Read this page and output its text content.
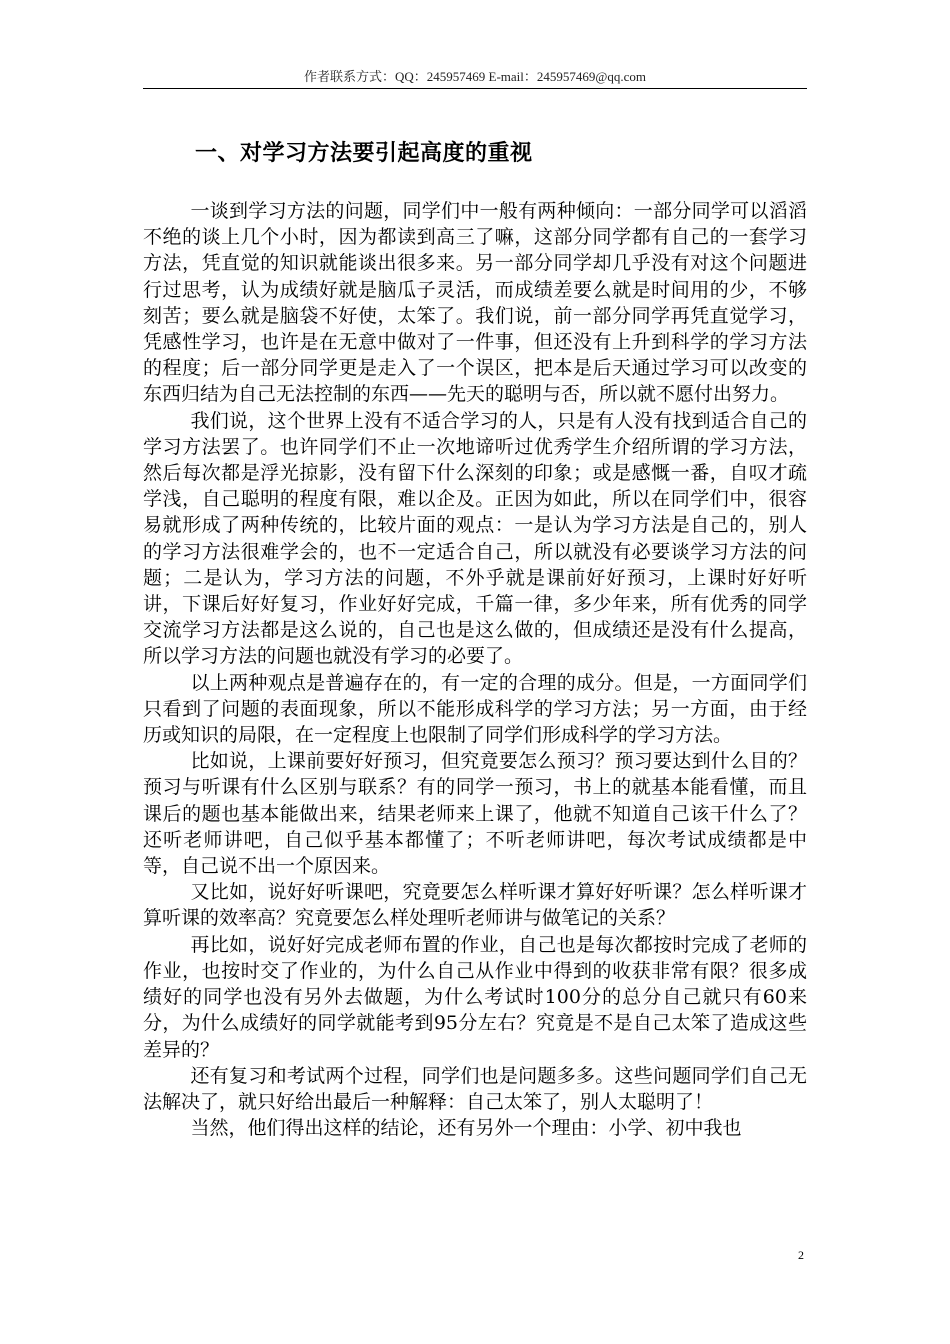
作者联系方式：QQ：245957469 E-mail：245957469@qq.com
一、对学习方法要引起高度的重视

一谈到学习方法的问题，同学们中一般有两种倾向：一部分同学可以滔滔不绝的谈上几个小时，因为都读到高三了嘛，这部分同学都有自己的一套学习方法，凭直觉的知识就能谈出很多来。另一部分同学却几乎没有对这个问题进行过思考，认为成绩好就是脑瓜子灵活，而成绩差要么就是时间用的少，不够刻苦；要么就是脑袋不好使，太笨了。我们说，前一部分同学再凭直觉学习，凭感性学习，也许是在无意中做对了一件事，但还没有上升到科学的学习方法的程度；后一部分同学更是走入了一个误区，把本是后天通过学习可以改变的东西归结为自己无法控制的东西——先天的聪明与否，所以就不愿付出努力。

我们说，这个世界上没有不适合学习的人，只是有人没有找到适合自己的学习方法罢了。也许同学们不止一次地谛听过优秀学生介绍所谓的学习方法，然后每次都是浮光掠影，没有留下什么深刻的印象；或是感慨一番，自叹才疏学浅，自己聪明的程度有限，难以企及。正因为如此，所以在同学们中，很容易就形成了两种传统的，比较片面的观点：一是认为学习方法是自己的，别人的学习方法很难学会的，也不一定适合自己，所以就没有必要谈学习方法的问题；二是认为，学习方法的问题，不外乎就是课前好好预习，上课时好好听讲，下课后好好复习，作业好好完成，千篇一律，多少年来，所有优秀的同学交流学习方法都是这么说的，自己也是这么做的，但成绩还是没有什么提高，所以学习方法的问题也就没有学习的必要了。

以上两种观点是普遍存在的，有一定的合理的成分。但是，一方面同学们只看到了问题的表面现象，所以不能形成科学的学习方法；另一方面，由于经历或知识的局限，在一定程度上也限制了同学们形成科学的学习方法。

比如说，上课前要好好预习，但究竟要怎么预习？预习要达到什么目的？预习与听课有什么区别与联系？有的同学一预习，书上的就基本能看懂，而且课后的题也基本能做出来，结果老师来上课了，他就不知道自己该干什么了？还听老师讲吧，自己似乎基本都懂了；不听老师讲吧，每次考试成绩都是中等，自己说不出一个原因来。

又比如，说好好听课吧，究竟要怎么样听课才算好好听课？怎么样听课才算听课的效率高？究竟要怎么样处理听老师讲与做笔记的关系？

再比如，说好好完成老师布置的作业，自己也是每次都按时完成了老师的作业，也按时交了作业的，为什么自己从作业中得到的收获非常有限？很多成绩好的同学也没有另外去做题，为什么考试时100分的总分自己就只有60来分，为什么成绩好的同学就能考到95分左右？究竟是不是自己太笨了造成这些差异的？

还有复习和考试两个过程，同学们也是问题多多。这些问题同学们自己无法解决了，就只好给出最后一种解释：自己太笨了，别人太聪明了！

当然，他们得出这样的结论，还有另外一个理由：小学、初中我也

2
